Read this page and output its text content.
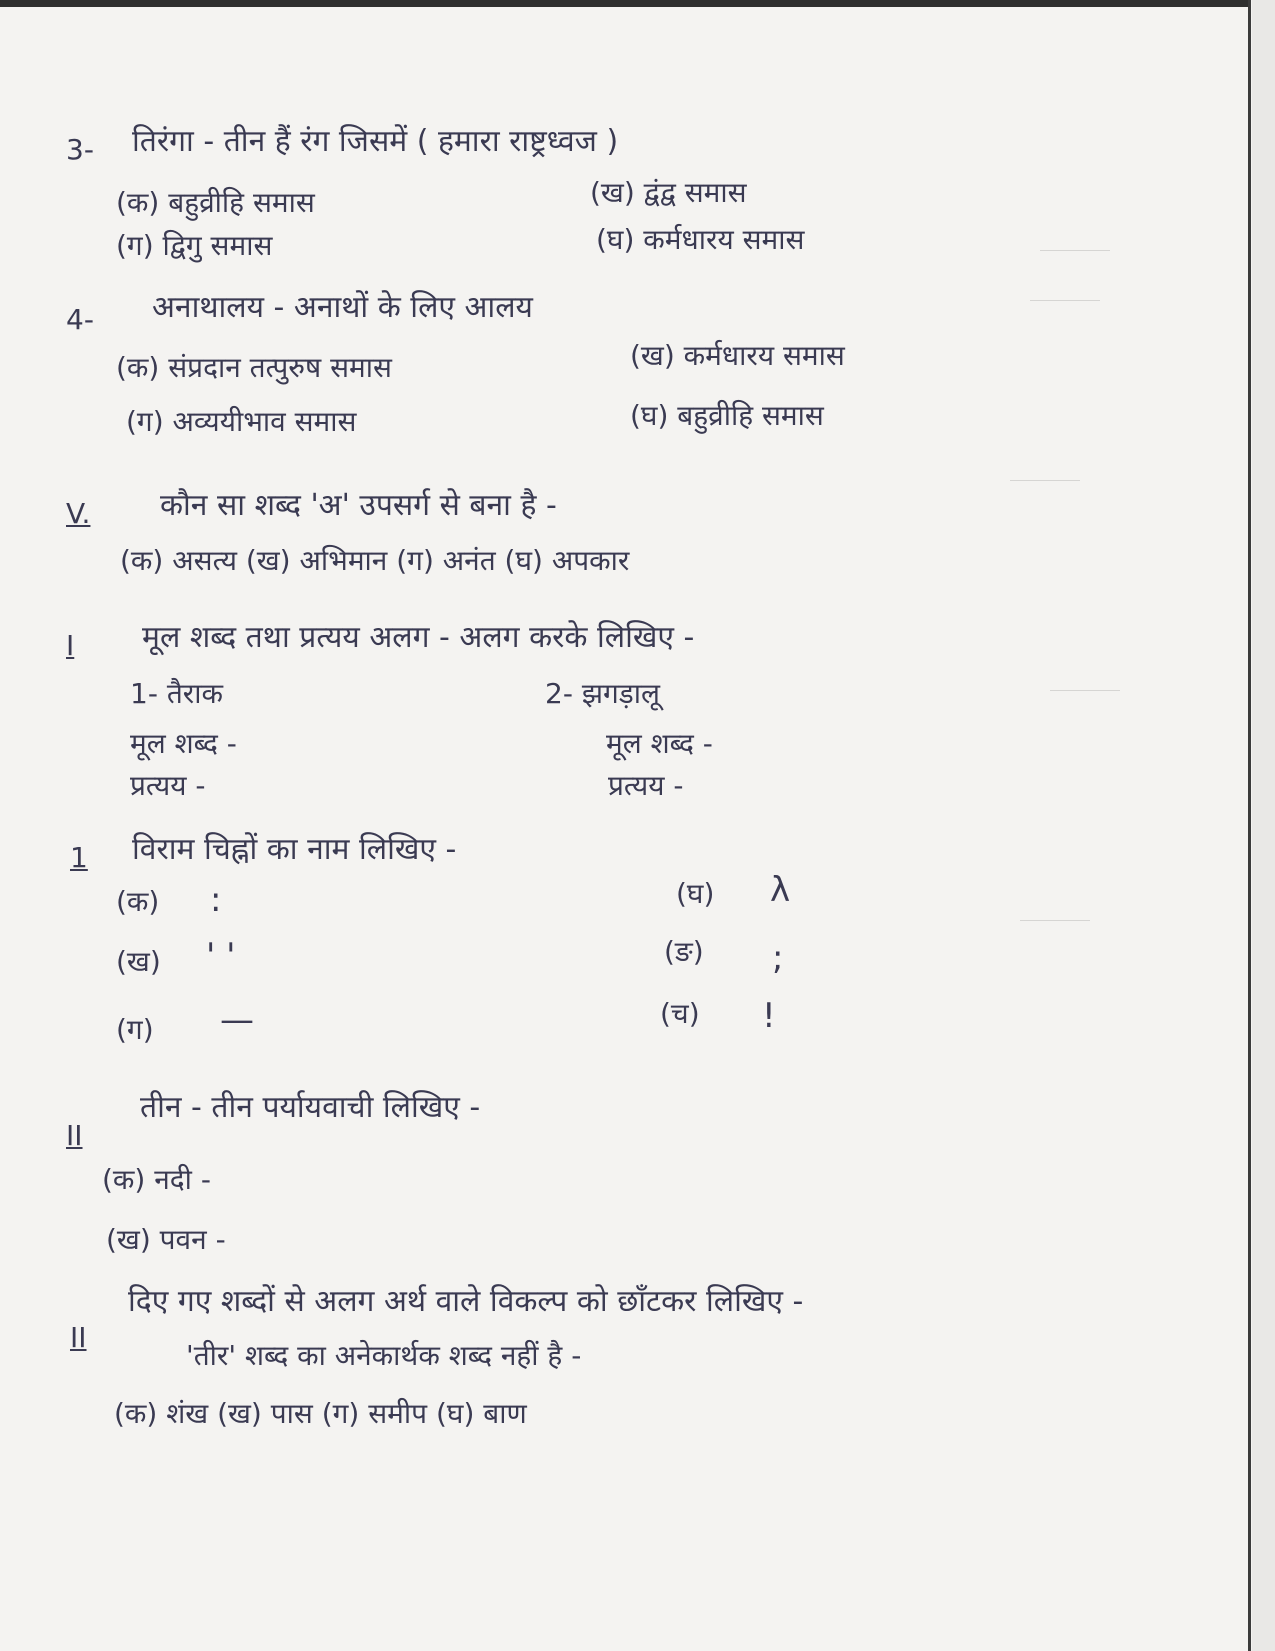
3- तिरंगा - तीन हैं रंग जिसमें ( हमारा राष्ट्रध्वज )
(क) बहुव्रीहि समास	(ख) द्वंद्व समास
(ग) द्विगु समास	(घ) कर्मधारय समास
4- अनाथालय - अनाथों के लिए आलय
(क) संप्रदान तत्पुरुष समास	(ख) कर्मधारय समास
(ग) अव्ययीभाव समास	(घ) बहुव्रीहि समास
V. कौन सा शब्द 'अ' उपसर्ग से बना है -
(क) असत्य (ख) अभिमान (ग) अनंत (घ) अपकार
I मूल शब्द तथा प्रत्यय अलग - अलग करके लिखिए -
1- तैराक	2- झगड़ालू
मूल शब्द -	मूल शब्द -
प्रत्यय -	प्रत्यय -
1 विराम चिह्नों का नाम लिखिए -
(क) :	(घ) λ
(ख) ' '	(ङ) ;
(ग) —	(च) !
II
तीन - तीन पर्यायवाची लिखिए -
(क) नदी -
(ख) पवन -
II
दिए गए शब्दों से अलग अर्थ वाले विकल्प को छाँटकर लिखिए -
'तीर' शब्द का अनेकार्थक शब्द नहीं है -
(क) शंख (ख) पास (ग) समीप (घ) बाण
